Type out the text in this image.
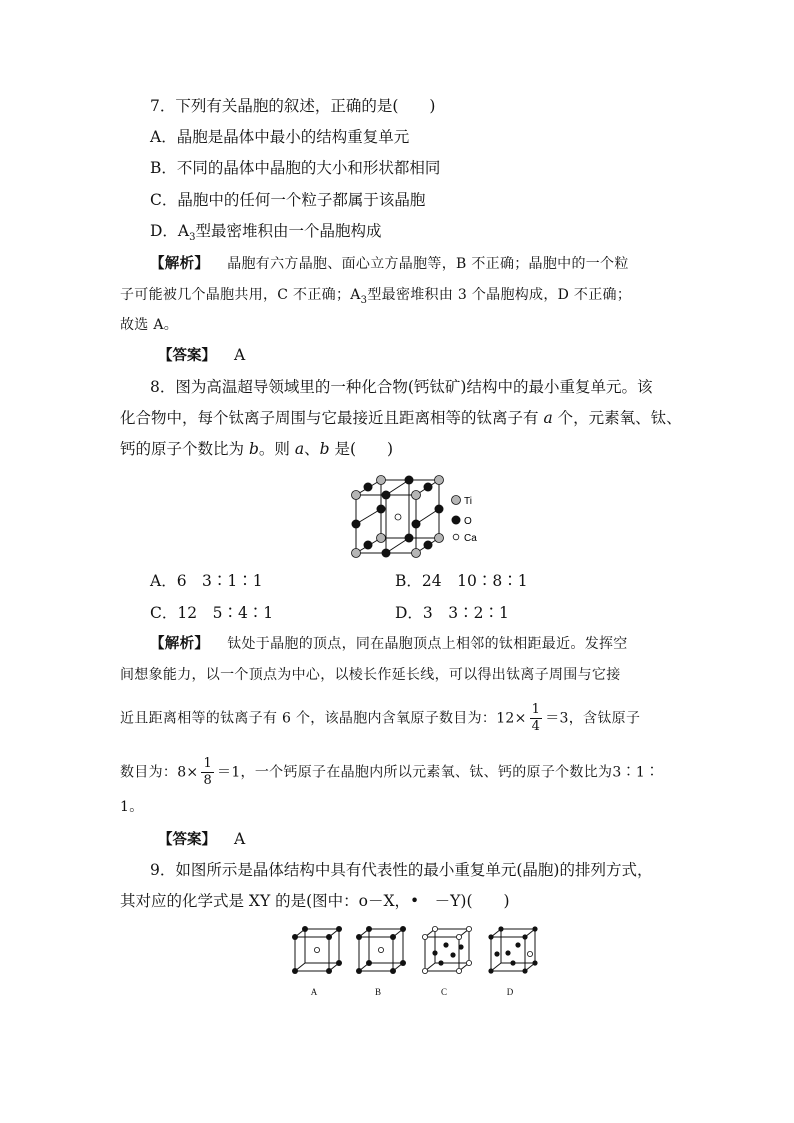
7．下列有关晶胞的叙述，正确的是(　　)
A．晶胞是晶体中最小的结构重复单元
B．不同的晶体中晶胞的大小和形状都相同
C．晶胞中的任何一个粒子都属于该晶胞
D．$A_3$型最密堆积由一个晶胞构成
【解析】 晶胞有六方晶胞、面心立方晶胞等，B 不正确；晶胞中的一个粒
子可能被几个晶胞共用，C 不正确；$A_3$型最密堆积由 3 个晶胞构成，D 不正确；
故选 A。
【答案】 A
8．图为高温超导领域里的一种化合物(钙钛矿)结构中的最小重复单元。该
化合物中，每个钛离子周围与它最接近且距离相等的钛离子有 a 个，元素氧、钛、
钙的原子个数比为 b。则 a、b 是(　　)
Ti
O
Ca
A．6　3∶1∶1	B．24　10∶8∶1
C．12　5∶4∶1	D．3　3∶2∶1
【解析】 钛处于晶胞的顶点，同在晶胞顶点上相邻的钛相距最近。发挥空
间想象能力，以一个顶点为中心，以棱长作延长线，可以得出钛离子周围与它接
近且距离相等的钛离子有 6 个，该晶胞内含氧原子数目为：$12\times \frac{1}{4} =3$，含钛原子
数目为：$8\times \frac{1}{8} =1$，一个钙原子在晶胞内所以元素氧、钛、钙的原子个数比为3∶1∶
1。
【答案】 A
9．如图所示是晶体结构中具有代表性的最小重复单元(晶胞)的排列方式，
其对应的化学式是 XY 的是(图中：o－X，•　－Y)(　　)
A	B	C	D
